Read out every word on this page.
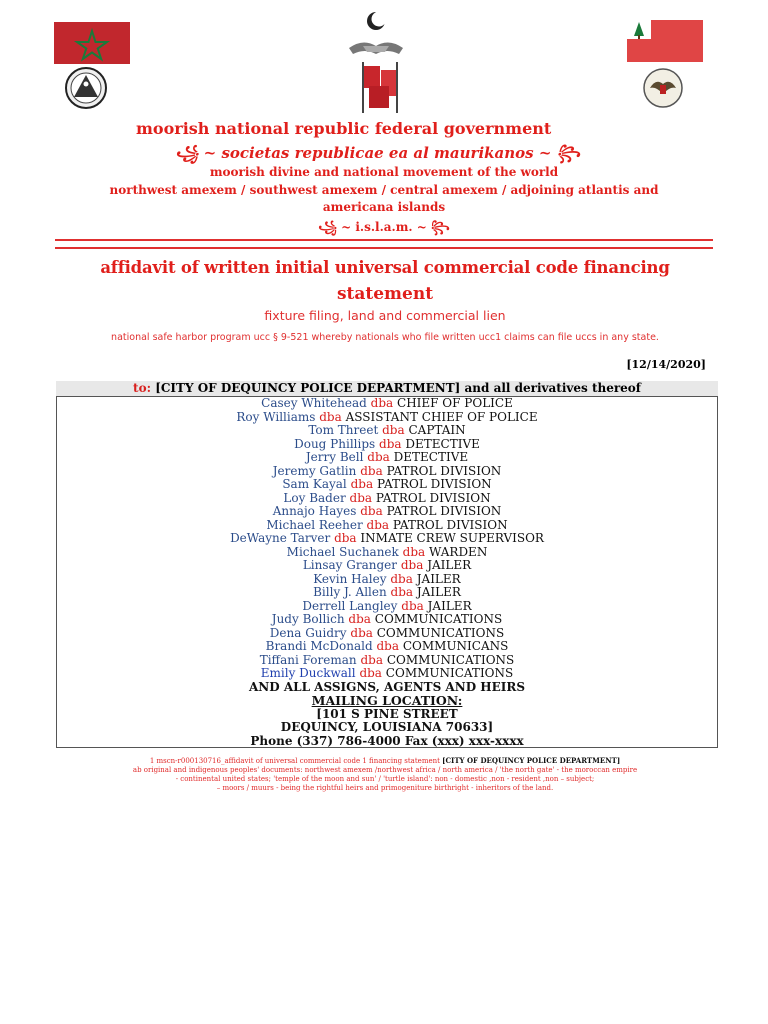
moorish national republic federal government
꧁ ~ societas republicae ea al maurikanos ~ ꧂
moorish divine and national movement of the world
northwest amexem / southwest amexem / central amexem / adjoining atlantis and
americana islands
꧁ ~ i.s.l.a.m. ~ ꧂
affidavit of written initial universal commercial code financing
statement
fixture filing, land and commercial lien
national safe harbor program ucc § 9-521 whereby nationals who file written ucc1 claims can file uccs in any state.
[12/14/2020]
to: [CITY OF DEQUINCY POLICE DEPARTMENT] and all derivatives thereof
Casey Whitehead dba CHIEF OF POLICE
Roy Williams dba ASSISTANT CHIEF OF POLICE
Tom Threet dba CAPTAIN
Doug Phillips dba DETECTIVE
Jerry Bell dba DETECTIVE
Jeremy Gatlin dba PATROL DIVISION
Sam Kayal dba PATROL DIVISION
Loy Bader dba PATROL DIVISION
Annajo Hayes dba PATROL DIVISION
Michael Reeher dba PATROL DIVISION
DeWayne Tarver dba INMATE CREW SUPERVISOR
Michael Suchanek dba WARDEN
Linsay Granger dba JAILER
Kevin Haley dba JAILER
Billy J. Allen dba JAILER
Derrell Langley dba JAILER
Judy Bollich dba COMMUNICATIONS
Dena Guidry dba COMMUNICATIONS
Brandi McDonald dba COMMUNICANS
Tiffani Foreman dba COMMUNICATIONS
Emily Duckwall dba COMMUNICATIONS
AND ALL ASSIGNS, AGENTS AND HEIRS
MAILING LOCATION:
[101 S PINE STREET
DEQUINCY, LOUISIANA 70633]
Phone (337) 786-4000 Fax (xxx) xxx-xxxx
1 mscn-r000130716_affidavit of universal commercial code 1 financing statement [CITY OF DEQUINCY POLICE DEPARTMENT]
ab original and indigenous peoples' documents: northwest amexem /northwest africa / north america / 'the north gate' - the moroccan empire
- continental united states; 'temple of the moon and sun' / 'turtle island': non - domestic ,non - resident ,non – subject;
– moors / muurs - being the rightful heirs and primogeniture birthright - inheritors of the land.
